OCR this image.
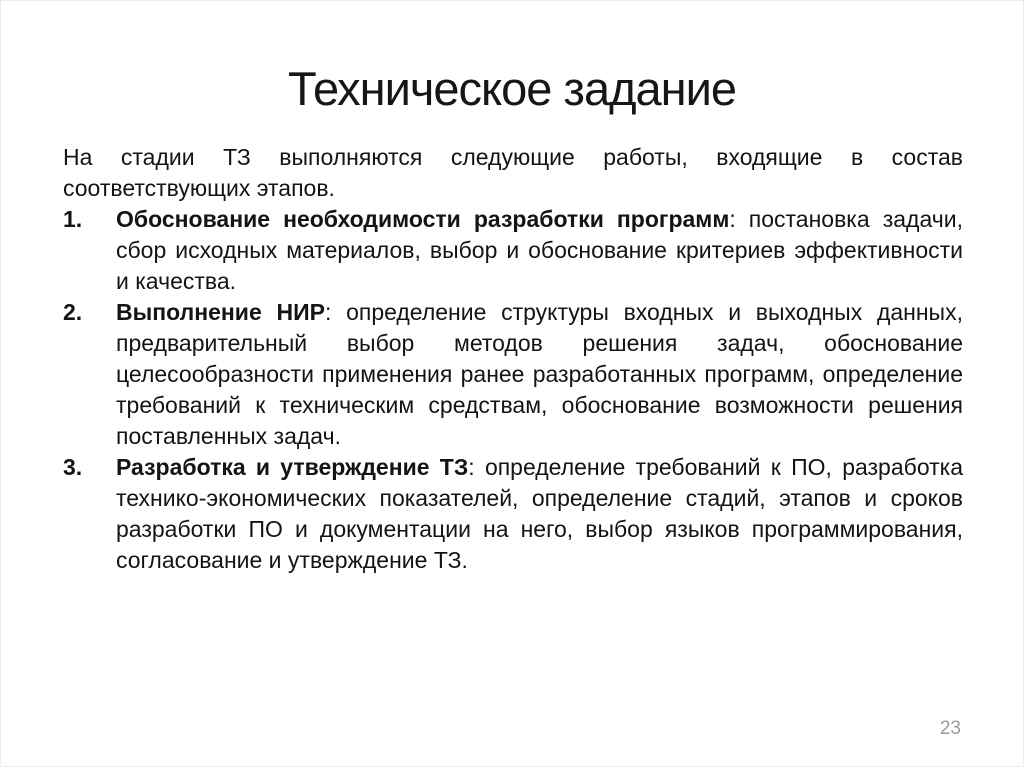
Техническое задание

На стадии ТЗ выполняются следующие работы, входящие в состав соответствующих этапов.

1. Обоснование необходимости разработки программ: постановка задачи, сбор исходных материалов, выбор и обоснование критериев эффективности и качества.
2. Выполнение НИР: определение структуры входных и выходных данных, предварительный выбор методов решения задач, обоснование целесообразности применения ранее разработанных программ, определение требований к техническим средствам, обоснование возможности решения поставленных задач.
3. Разработка и утверждение ТЗ: определение требований к ПО, разработка технико-экономических показателей, определение стадий, этапов и сроков разработки ПО и документации на него, выбор языков программирования, согласование и утверждение ТЗ.
23
